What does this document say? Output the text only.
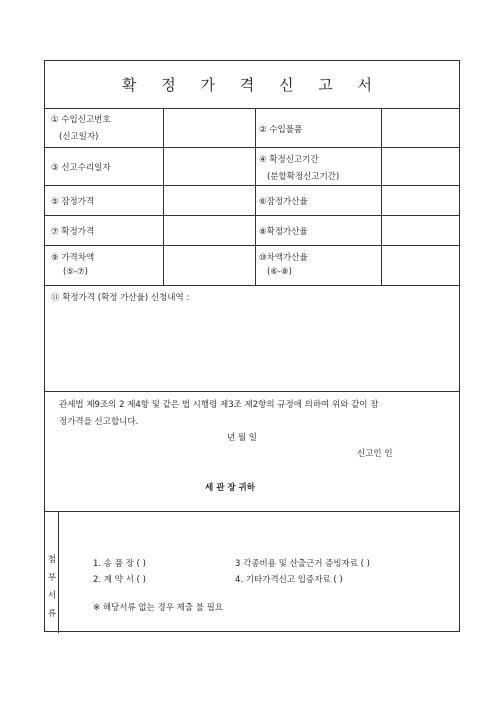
확 정 가 격 신 고 서
① 수입신고번호
(신고일자)
② 수입물품
③ 신고수리일자
④ 확정신고기간
(분할확정신고기간)
⑤ 잠정가격	⑥잠정가산율
⑦ 확정가격	⑧확정가산율
⑨ 가격차액
(⑤-⑦)
⑩차액가산율
(⑥-⑧)
⑪ 확정가격 (확정 가산율) 신청내역 :
관세법 제9조의 2 제4항 및 같은 법 시행령 제3조 제2항의 규정에 의하여 위와 같이 잠
정가격을 신고합니다.
년 월 일
신고인 인
세 관 장 귀하
첨
부
서
류
1. 송 품 장 ( )
2. 계 약 서 ( )
3 각종비용 및 산출근거 증빙자료 ( )
4. 기타가격신고 입증자료 ( )
※ 해당서류 없는 경우 제출 불 필요
